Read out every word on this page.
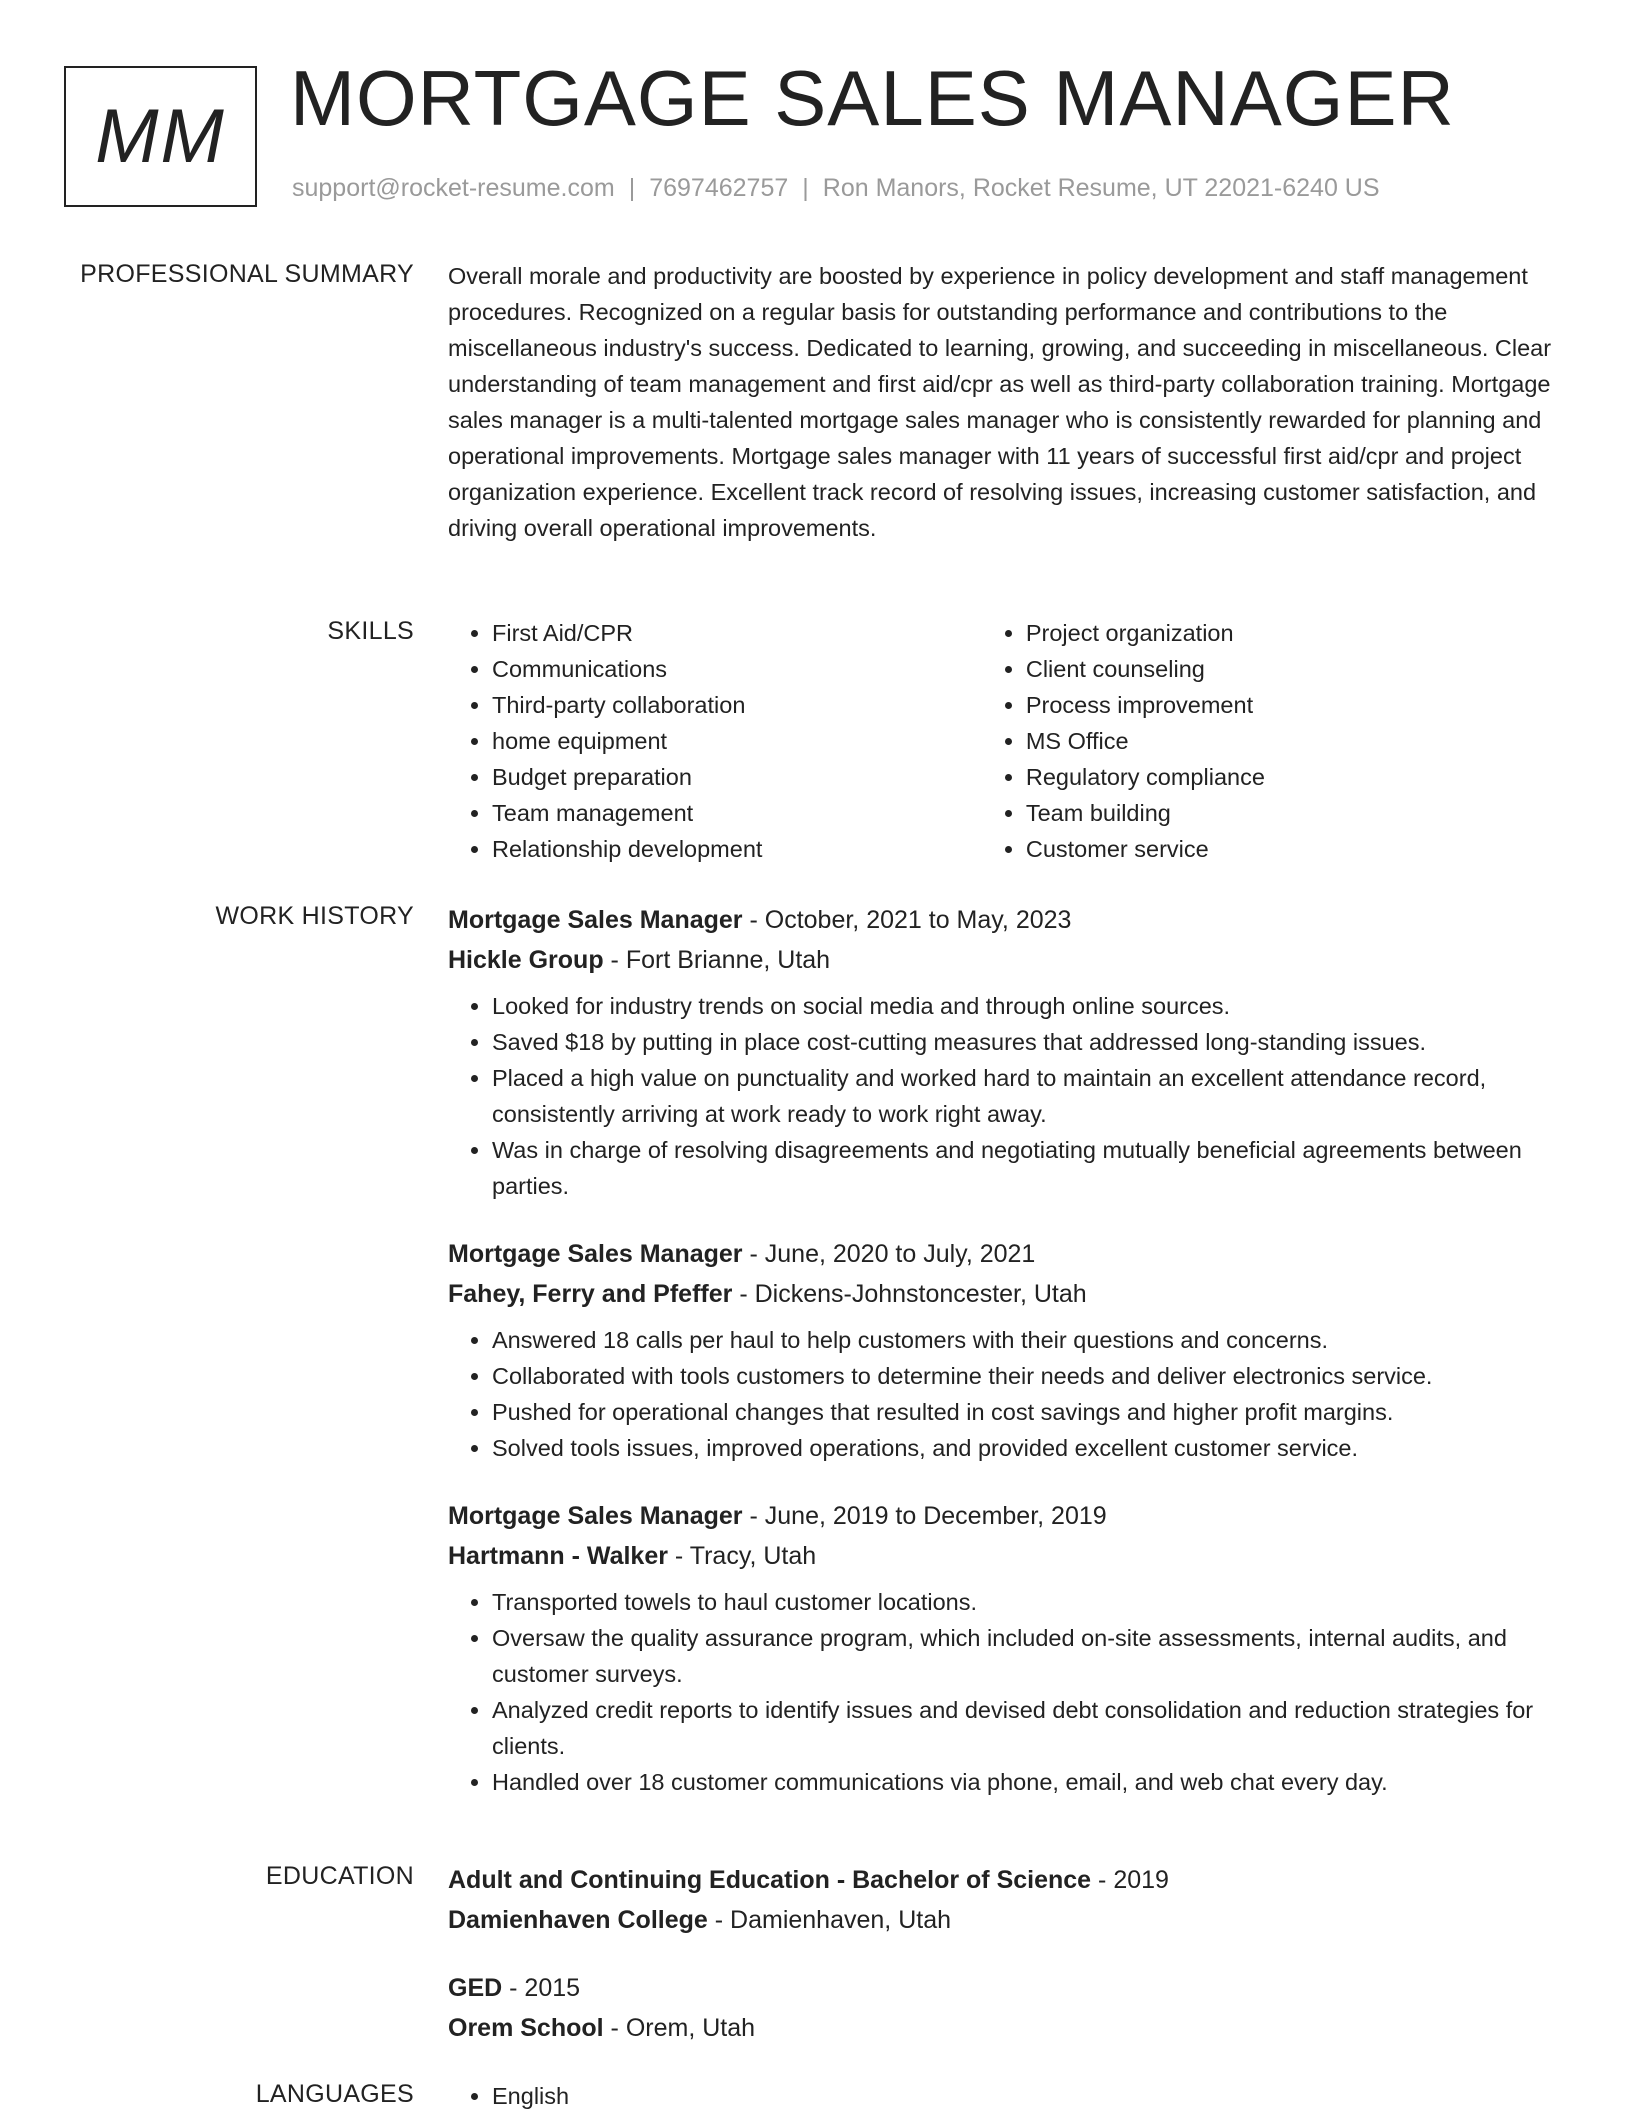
MM MORTGAGE SALES MANAGER
support@rocket-resume.com | 7697462757 | Ron Manors, Rocket Resume, UT 22021-6240 US
PROFESSIONAL SUMMARY Overall morale and productivity are boosted by experience in policy development and staff management procedures. Recognized on a regular basis for outstanding performance and contributions to the miscellaneous industry's success. Dedicated to learning, growing, and succeeding in miscellaneous. Clear understanding of team management and first aid/cpr as well as third-party collaboration training. Mortgage sales manager is a multi-talented mortgage sales manager who is consistently rewarded for planning and operational improvements. Mortgage sales manager with 11 years of successful first aid/cpr and project organization experience. Excellent track record of resolving issues, increasing customer satisfaction, and driving overall operational improvements.

SKILLS	• First Aid/CPR
• Communications
• Third-party collaboration
• home equipment
• Budget preparation
• Team management
• Relationship development
• Project organization
• Client counseling
• Process improvement
• MS Office
• Regulatory compliance
• Team building
• Customer service
WORK HISTORY Mortgage Sales Manager - October, 2021 to May, 2023
Hickle Group - Fort Brianne, Utah
• Looked for industry trends on social media and through online sources.
• Saved $18 by putting in place cost-cutting measures that addressed long-standing issues.
• Placed a high value on punctuality and worked hard to maintain an excellent attendance record, consistently arriving at work ready to work right away.
• Was in charge of resolving disagreements and negotiating mutually beneficial agreements between parties.
Mortgage Sales Manager - June, 2020 to July, 2021
Fahey, Ferry and Pfeffer - Dickens-Johnstoncester, Utah
• Answered 18 calls per haul to help customers with their questions and concerns.
• Collaborated with tools customers to determine their needs and deliver electronics service.
• Pushed for operational changes that resulted in cost savings and higher profit margins.
• Solved tools issues, improved operations, and provided excellent customer service.
Mortgage Sales Manager - June, 2019 to December, 2019
Hartmann - Walker - Tracy, Utah
• Transported towels to haul customer locations.
• Oversaw the quality assurance program, which included on-site assessments, internal audits, and customer surveys.
• Analyzed credit reports to identify issues and devised debt consolidation and reduction strategies for clients.
• Handled over 18 customer communications via phone, email, and web chat every day.
EDUCATION Adult and Continuing Education - Bachelor of Science - 2019
Damienhaven College - Damienhaven, Utah
GED - 2015
Orem School - Orem, Utah
LANGUAGES	• English
